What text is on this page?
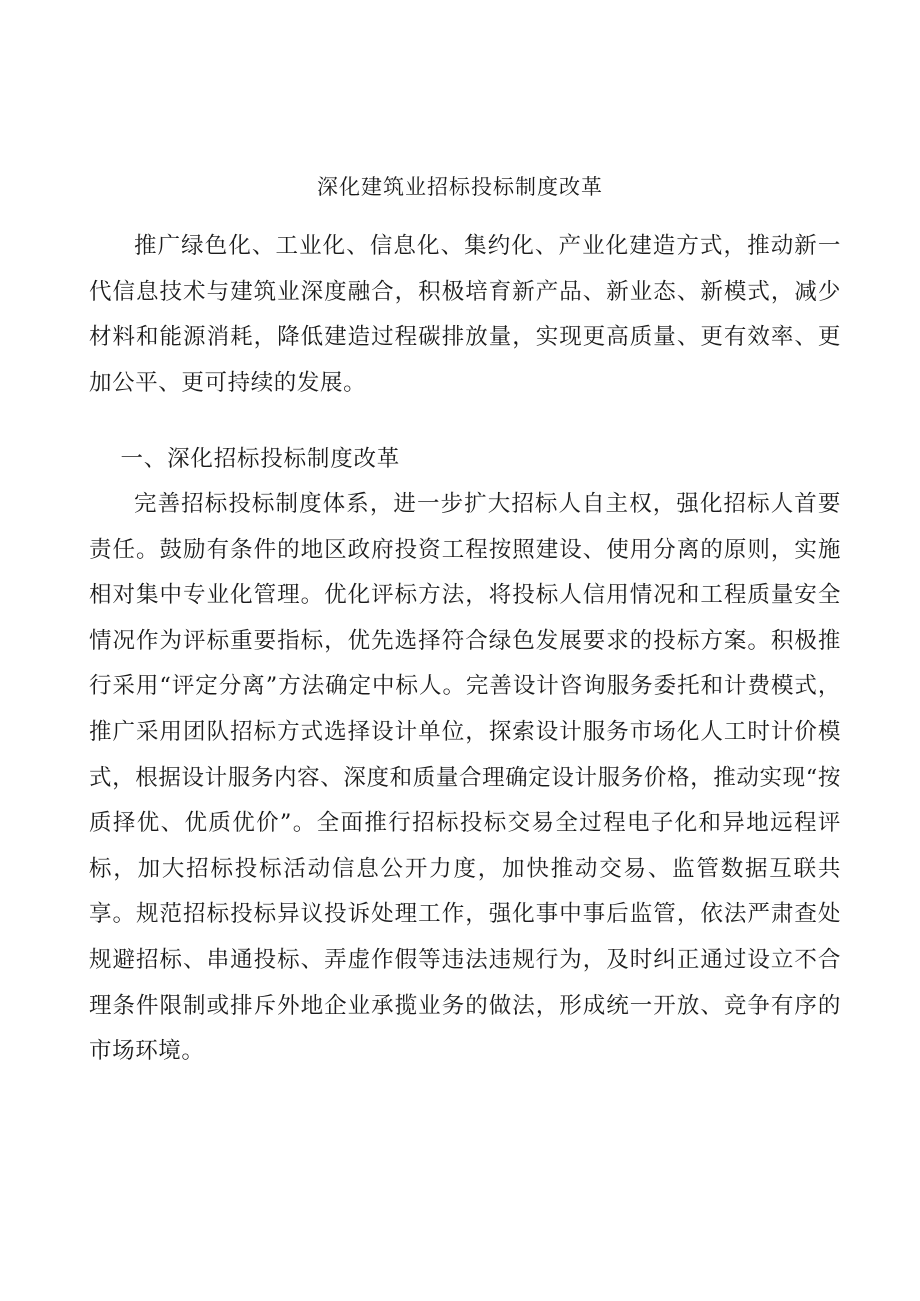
深化建筑业招标投标制度改革

推广绿色化、工业化、信息化、集约化、产业化建造方式，推动新一代信息技术与建筑业深度融合，积极培育新产品、新业态、新模式，减少材料和能源消耗，降低建造过程碳排放量，实现更高质量、更有效率、更加公平、更可持续的发展。

一、深化招标投标制度改革

完善招标投标制度体系，进一步扩大招标人自主权，强化招标人首要责任。鼓励有条件的地区政府投资工程按照建设、使用分离的原则，实施相对集中专业化管理。优化评标方法，将投标人信用情况和工程质量安全情况作为评标重要指标，优先选择符合绿色发展要求的投标方案。积极推行采用“评定分离”方法确定中标人。完善设计咨询服务委托和计费模式，推广采用团队招标方式选择设计单位，探索设计服务市场化人工时计价模式，根据设计服务内容、深度和质量合理确定设计服务价格，推动实现“按质择优、优质优价”。全面推行招标投标交易全过程电子化和异地远程评标，加大招标投标活动信息公开力度，加快推动交易、监管数据互联共享。规范招标投标异议投诉处理工作，强化事中事后监管，依法严肃查处规避招标、串通投标、弄虚作假等违法违规行为，及时纠正通过设立不合理条件限制或排斥外地企业承揽业务的做法，形成统一开放、竞争有序的市场环境。
